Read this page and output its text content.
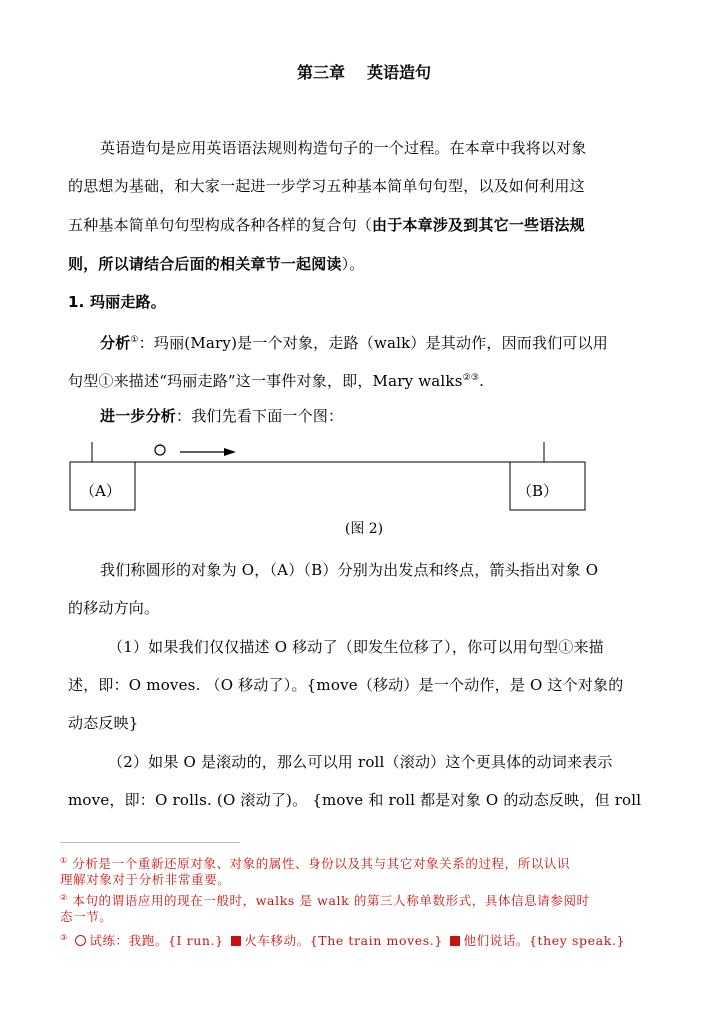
第三章 英语造句
英语造句是应用英语语法规则构造句子的一个过程。在本章中我将以对象
的思想为基础，和大家一起进一步学习五种基本简单句句型，以及如何利用这
五种基本简单句句型构成各种各样的复合句（由于本章涉及到其它一些语法规
则，所以请结合后面的相关章节一起阅读）。
1. 玛丽走路。
分析①：玛丽(Mary)是一个对象，走路（walk）是其动作，因而我们可以用
句型①来描述“玛丽走路”这一事件对象，即，Mary walks②③.
进一步分析：我们先看下面一个图：
（A）	（B）
(图 2)
我们称圆形的对象为 O，（A）（B）分别为出发点和终点，箭头指出对象 O
的移动方向。
（1）如果我们仅仅描述 O 移动了（即发生位移了），你可以用句型①来描
述，即：O moves. （O 移动了）。{move（移动）是一个动作，是 O 这个对象的
动态反映}
（2）如果 O 是滚动的，那么可以用 roll（滚动）这个更具体的动词来表示
move，即：O rolls. (O 滚动了)。 {move 和 roll 都是对象 O 的动态反映，但 roll
① 分析是一个重新还原对象、对象的属性、身份以及其与其它对象关系的过程，所以认识
理解对象对于分析非常重要。
② 本句的谓语应用的现在一般时，walks 是 walk 的第三人称单数形式，具体信息请参阅时
态一节。
③ 试练：我跑。{I run.} 火车移动。{The train moves.} 他们说话。{they speak.}
